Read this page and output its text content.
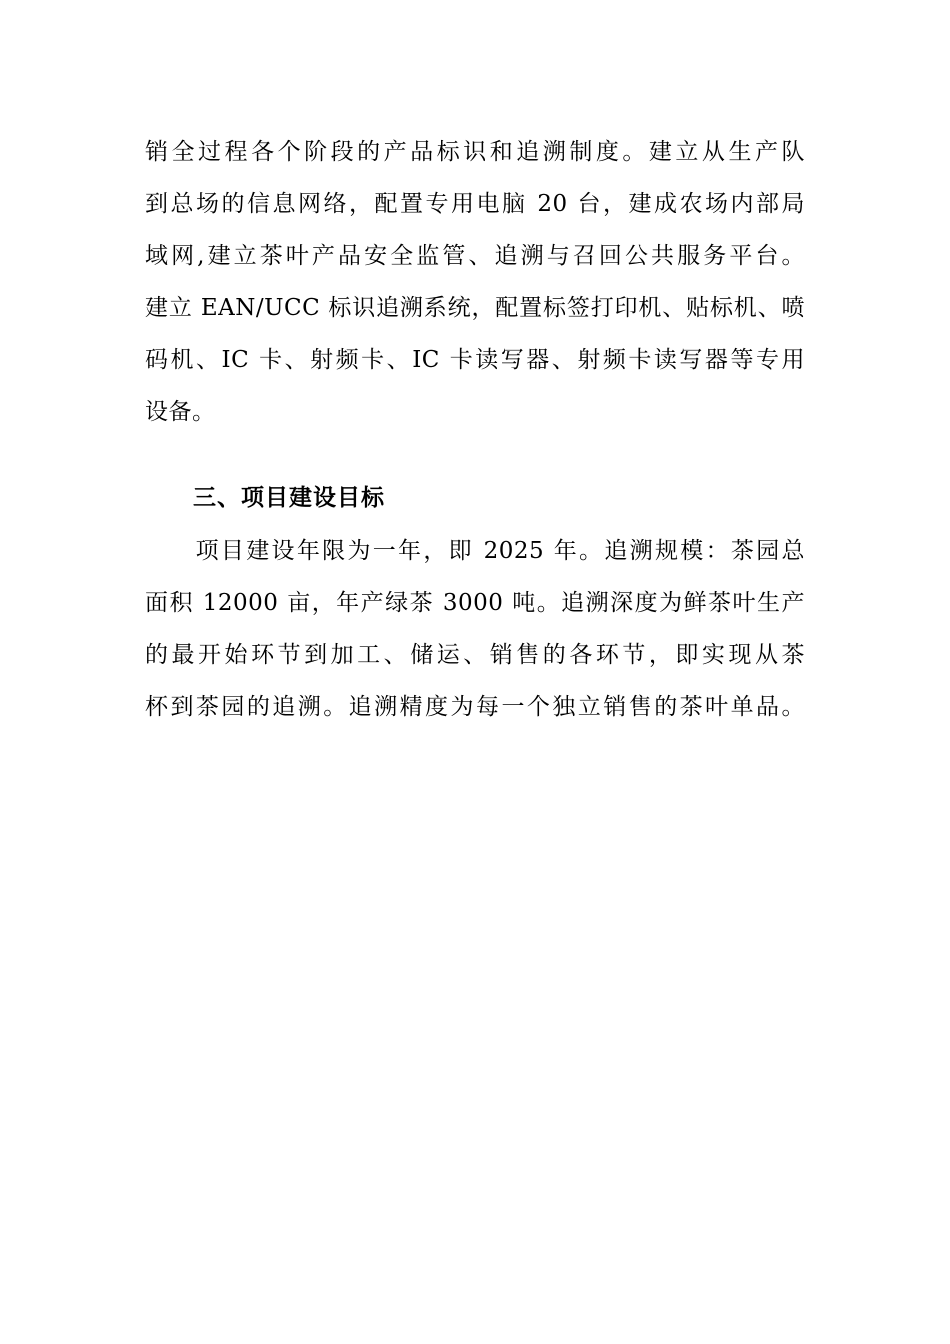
销全过程各个阶段的产品标识和追溯制度。建立从生产队
到总场的信息网络，配置专用电脑 20 台，建成农场内部局
域网,建立茶叶产品安全监管、追溯与召回公共服务平台。
建立 EAN/UCC 标识追溯系统，配置标签打印机、贴标机、喷
码机、IC 卡、射频卡、IC 卡读写器、射频卡读写器等专用
设备。
三、项目建设目标
　　项目建设年限为一年，即 2025 年。追溯规模：茶园总
面积 12000 亩，年产绿茶 3000 吨。追溯深度为鲜茶叶生产
的最开始环节到加工、储运、销售的各环节，即实现从茶
杯到茶园的追溯。追溯精度为每一个独立销售的茶叶单品。
